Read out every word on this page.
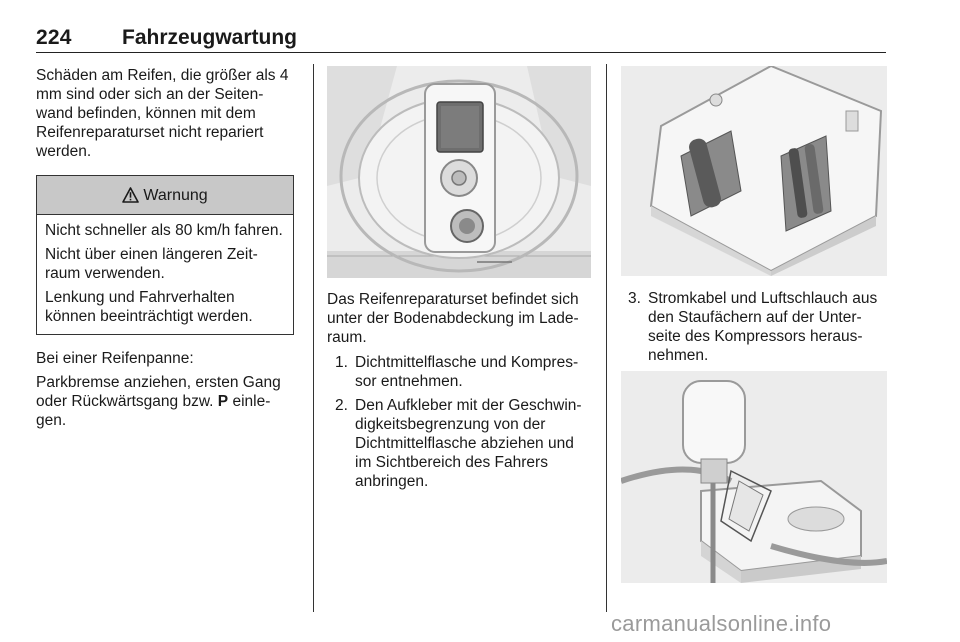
224 Fahrzeugwartung

Schäden am Reifen, die größer als 4 mm sind oder sich an der Seiten- wand befinden, können mit dem Reifenreparaturset nicht repariert werden.

Warnung

Nicht schneller als 80 km/h fahren.

Nicht über einen längeren Zeit- raum verwenden.

Lenkung und Fahrverhalten können beeinträchtigt werden.

Bei einer Reifenpanne:

Parkbremse anziehen, ersten Gang oder Rückwärtsgang bzw. P einle- gen.

Das Reifenreparaturset befindet sich unter der Bodenabdeckung im Lade- raum.

1. Dichtmittelflasche und Kompres- sor entnehmen.
2. Den Aufkleber mit der Geschwin- digkeitsbegrenzung von der Dichtmittelflasche abziehen und im Sichtbereich des Fahrers anbringen.
3. Stromkabel und Luftschlauch aus den Staufächern auf der Unter- seite des Kompressors heraus- nehmen.
carmanualsonline.info
